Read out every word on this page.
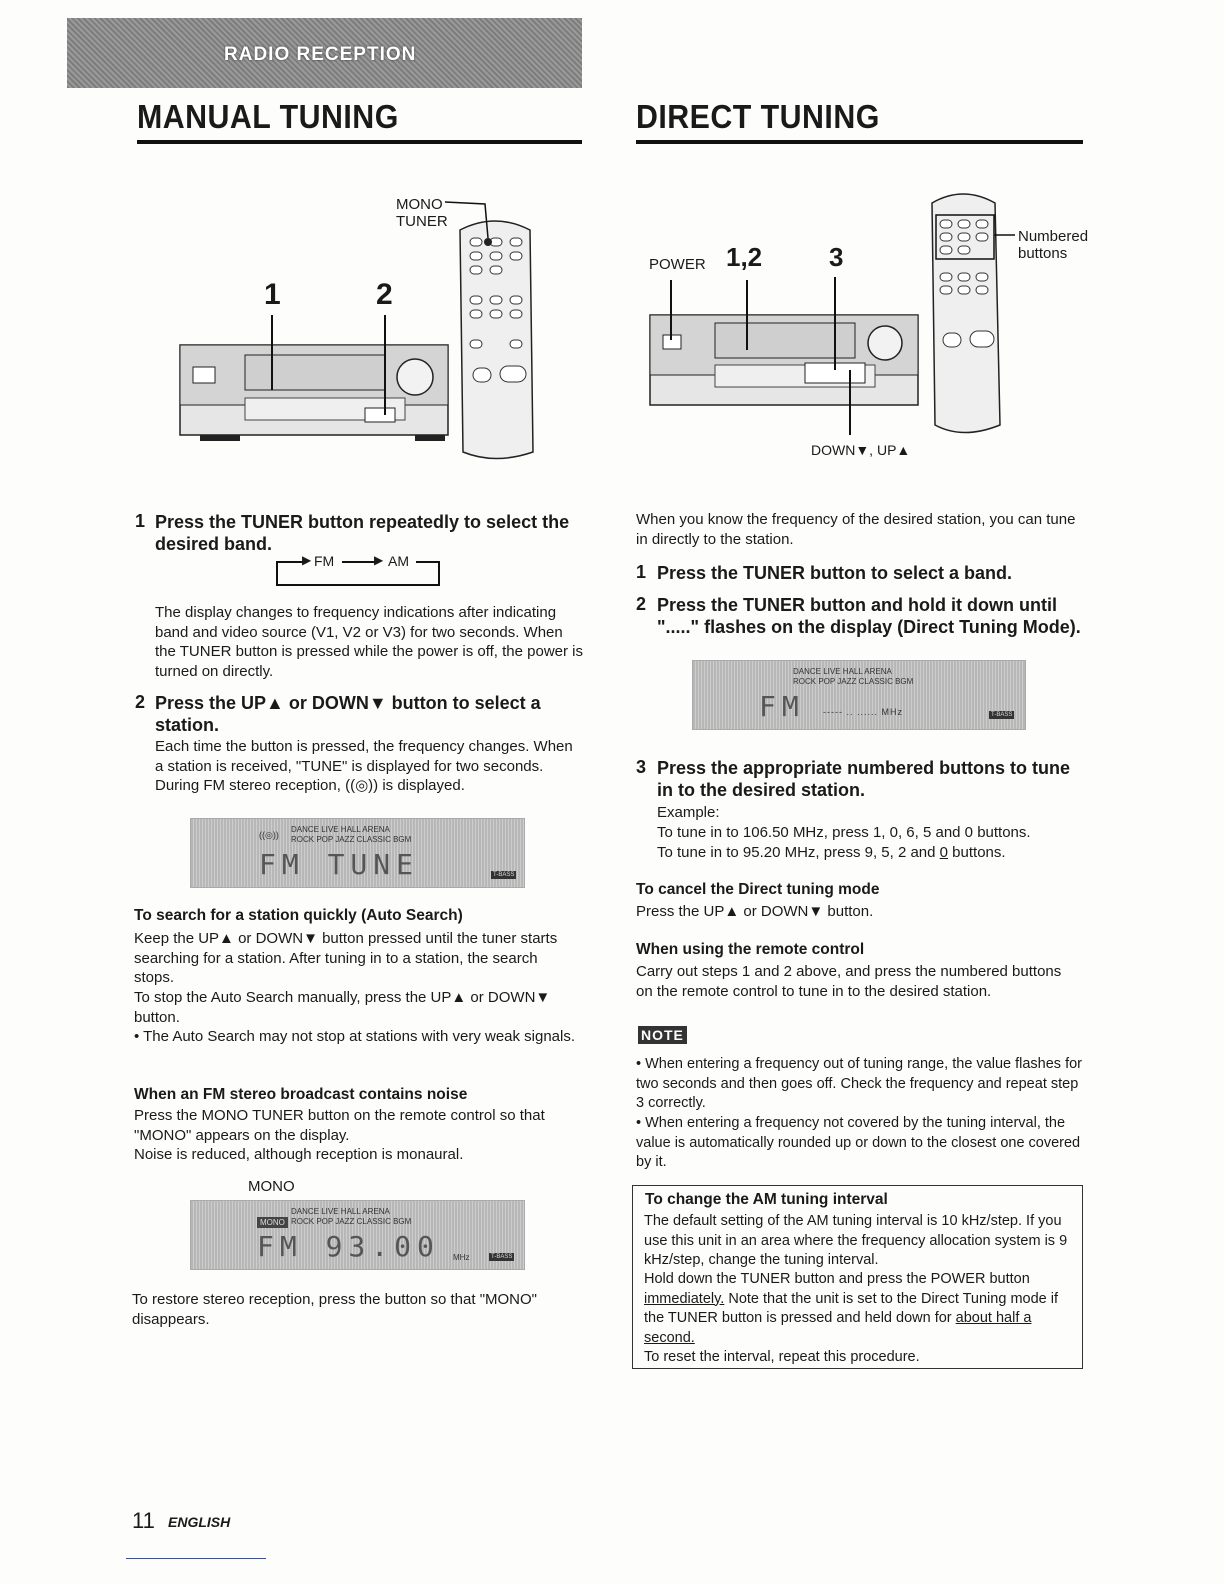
RADIO RECEPTION
MANUAL TUNING	DIRECT TUNING
MONO
TUNER
1	2
POWER 1,2	3
Numbered
buttons
DOWN▼, UP▲
1 Press the TUNER button repeatedly to select the desired band.
▶ FM	▶ AM
The display changes to frequency indications after indicating band and video source (V1, V2 or V3) for two seconds. When the TUNER button is pressed while the power is off, the power is turned on directly.
2 Press the UP▲ or DOWN▼ button to select a station.
Each time the button is pressed, the frequency changes. When a station is received, "TUNE" is displayed for two seconds. During FM stereo reception, ((◎)) is displayed.
((◎))
DANCE LIVE HALL ARENA
ROCK POP JAZZ CLASSIC BGM
FM TUNE	T-BASS
To search for a station quickly (Auto Search)
Keep the UP▲ or DOWN▼ button pressed until the tuner starts searching for a station. After tuning in to a station, the search stops.
To stop the Auto Search manually, press the UP▲ or DOWN▼ button.
• The Auto Search may not stop at stations with very weak signals.
When an FM stereo broadcast contains noise
Press the MONO TUNER button on the remote control so that "MONO" appears on the display.
Noise is reduced, although reception is monaural.
MONO
MONO
DANCE LIVE HALL ARENA
ROCK POP JAZZ CLASSIC BGM
FM 93.00 MHz	T-BASS
To restore stereo reception, press the button so that "MONO" disappears.
When you know the frequency of the desired station, you can tune in directly to the station.
1 Press the TUNER button to select a band.
2 Press the TUNER button and hold it down until "....." flashes on the display (Direct Tuning Mode).
DANCE LIVE HALL ARENA
ROCK POP JAZZ CLASSIC BGM
FM ----- .. ...... MHz	T-BASS
3 Press the appropriate numbered buttons to tune in to the desired station.
Example:
To tune in to 106.50 MHz, press 1, 0, 6, 5 and 0 buttons.
To tune in to 95.20 MHz, press 9, 5, 2 and 0 buttons.
To cancel the Direct tuning mode
Press the UP▲ or DOWN▼ button.
When using the remote control
Carry out steps 1 and 2 above, and press the numbered buttons on the remote control to tune in to the desired station.
NOTE
• When entering a frequency out of tuning range, the value flashes for two seconds and then goes off. Check the frequency and repeat step 3 correctly.
• When entering a frequency not covered by the tuning interval, the value is automatically rounded up or down to the closest one covered by it.
To change the AM tuning interval
The default setting of the AM tuning interval is 10 kHz/step. If you use this unit in an area where the frequency allocation system is 9 kHz/step, change the tuning interval.
Hold down the TUNER button and press the POWER button immediately. Note that the unit is set to the Direct Tuning mode if the TUNER button is pressed and held down for about half a second.
To reset the interval, repeat this procedure.
11 ENGLISH
